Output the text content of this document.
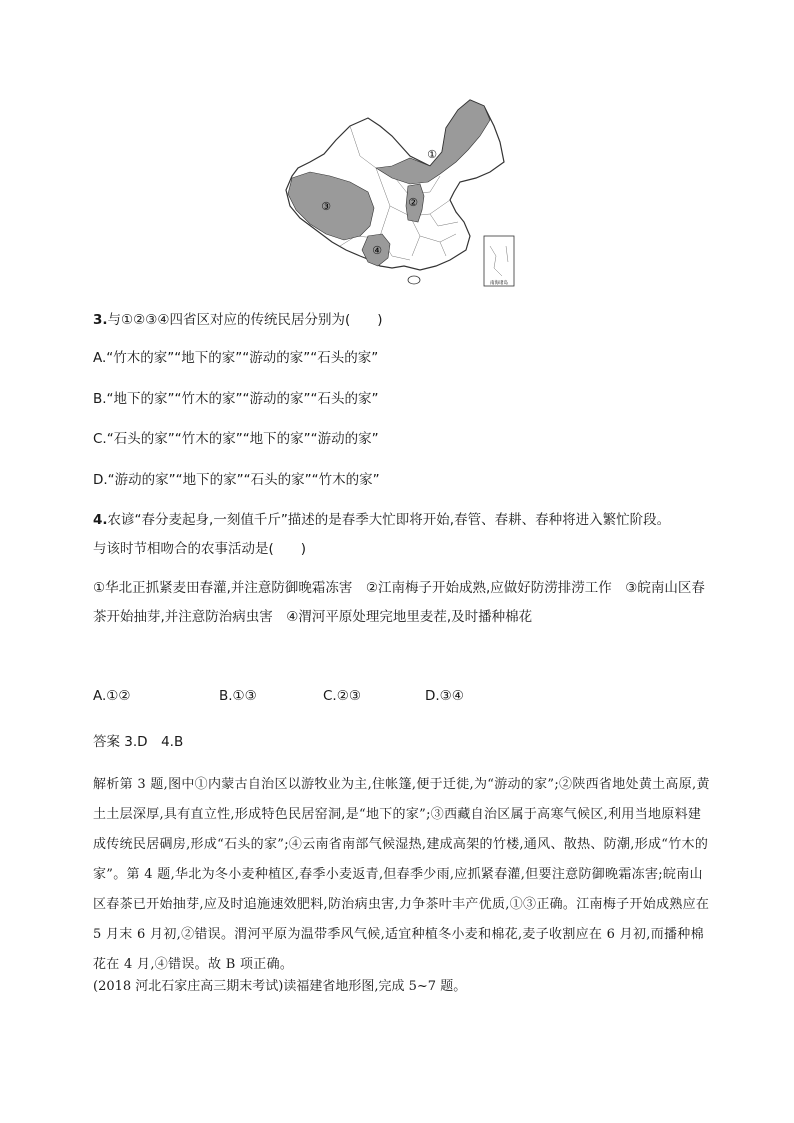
①
②
③
④
南海诸岛
3.与①②③④四省区对应的传统民居分别为(　　)
A.“竹木的家”“地下的家”“游动的家”“石头的家”
B.“地下的家”“竹木的家”“游动的家”“石头的家”
C.“石头的家”“竹木的家”“地下的家”“游动的家”
D.“游动的家”“地下的家”“石头的家”“竹木的家”
4.农谚“春分麦起身,一刻值千斤”描述的是春季大忙即将开始,春管、春耕、春种将进入繁忙阶段。
与该时节相吻合的农事活动是(　　)
①华北正抓紧麦田春灌,并注意防御晚霜冻害　②江南梅子开始成熟,应做好防涝排涝工作　③皖南山区春茶开始抽芽,并注意防治病虫害　④渭河平原处理完地里麦茬,及时播种棉花
A.①②	B.①③	C.②③	D.③④
答案 3.D　4.B
解析第 3 题,图中①内蒙古自治区以游牧业为主,住帐篷,便于迁徙,为“游动的家”;②陕西省地处黄土高原,黄土土层深厚,具有直立性,形成特色民居窑洞,是“地下的家”;③西藏自治区属于高寒气候区,利用当地原料建成传统民居碉房,形成“石头的家”;④云南省南部气候湿热,建成高架的竹楼,通风、散热、防潮,形成“竹木的家”。第 4 题,华北为冬小麦种植区,春季小麦返青,但春季少雨,应抓紧春灌,但要注意防御晚霜冻害;皖南山区春茶已开始抽芽,应及时追施速效肥料,防治病虫害,力争茶叶丰产优质,①③正确。江南梅子开始成熟应在 5 月末 6 月初,②错误。渭河平原为温带季风气候,适宜种植冬小麦和棉花,麦子收割应在 6 月初,而播种棉花在 4 月,④错误。故 B 项正确。
(2018 河北石家庄高三期末考试)读福建省地形图,完成 5~7 题。
